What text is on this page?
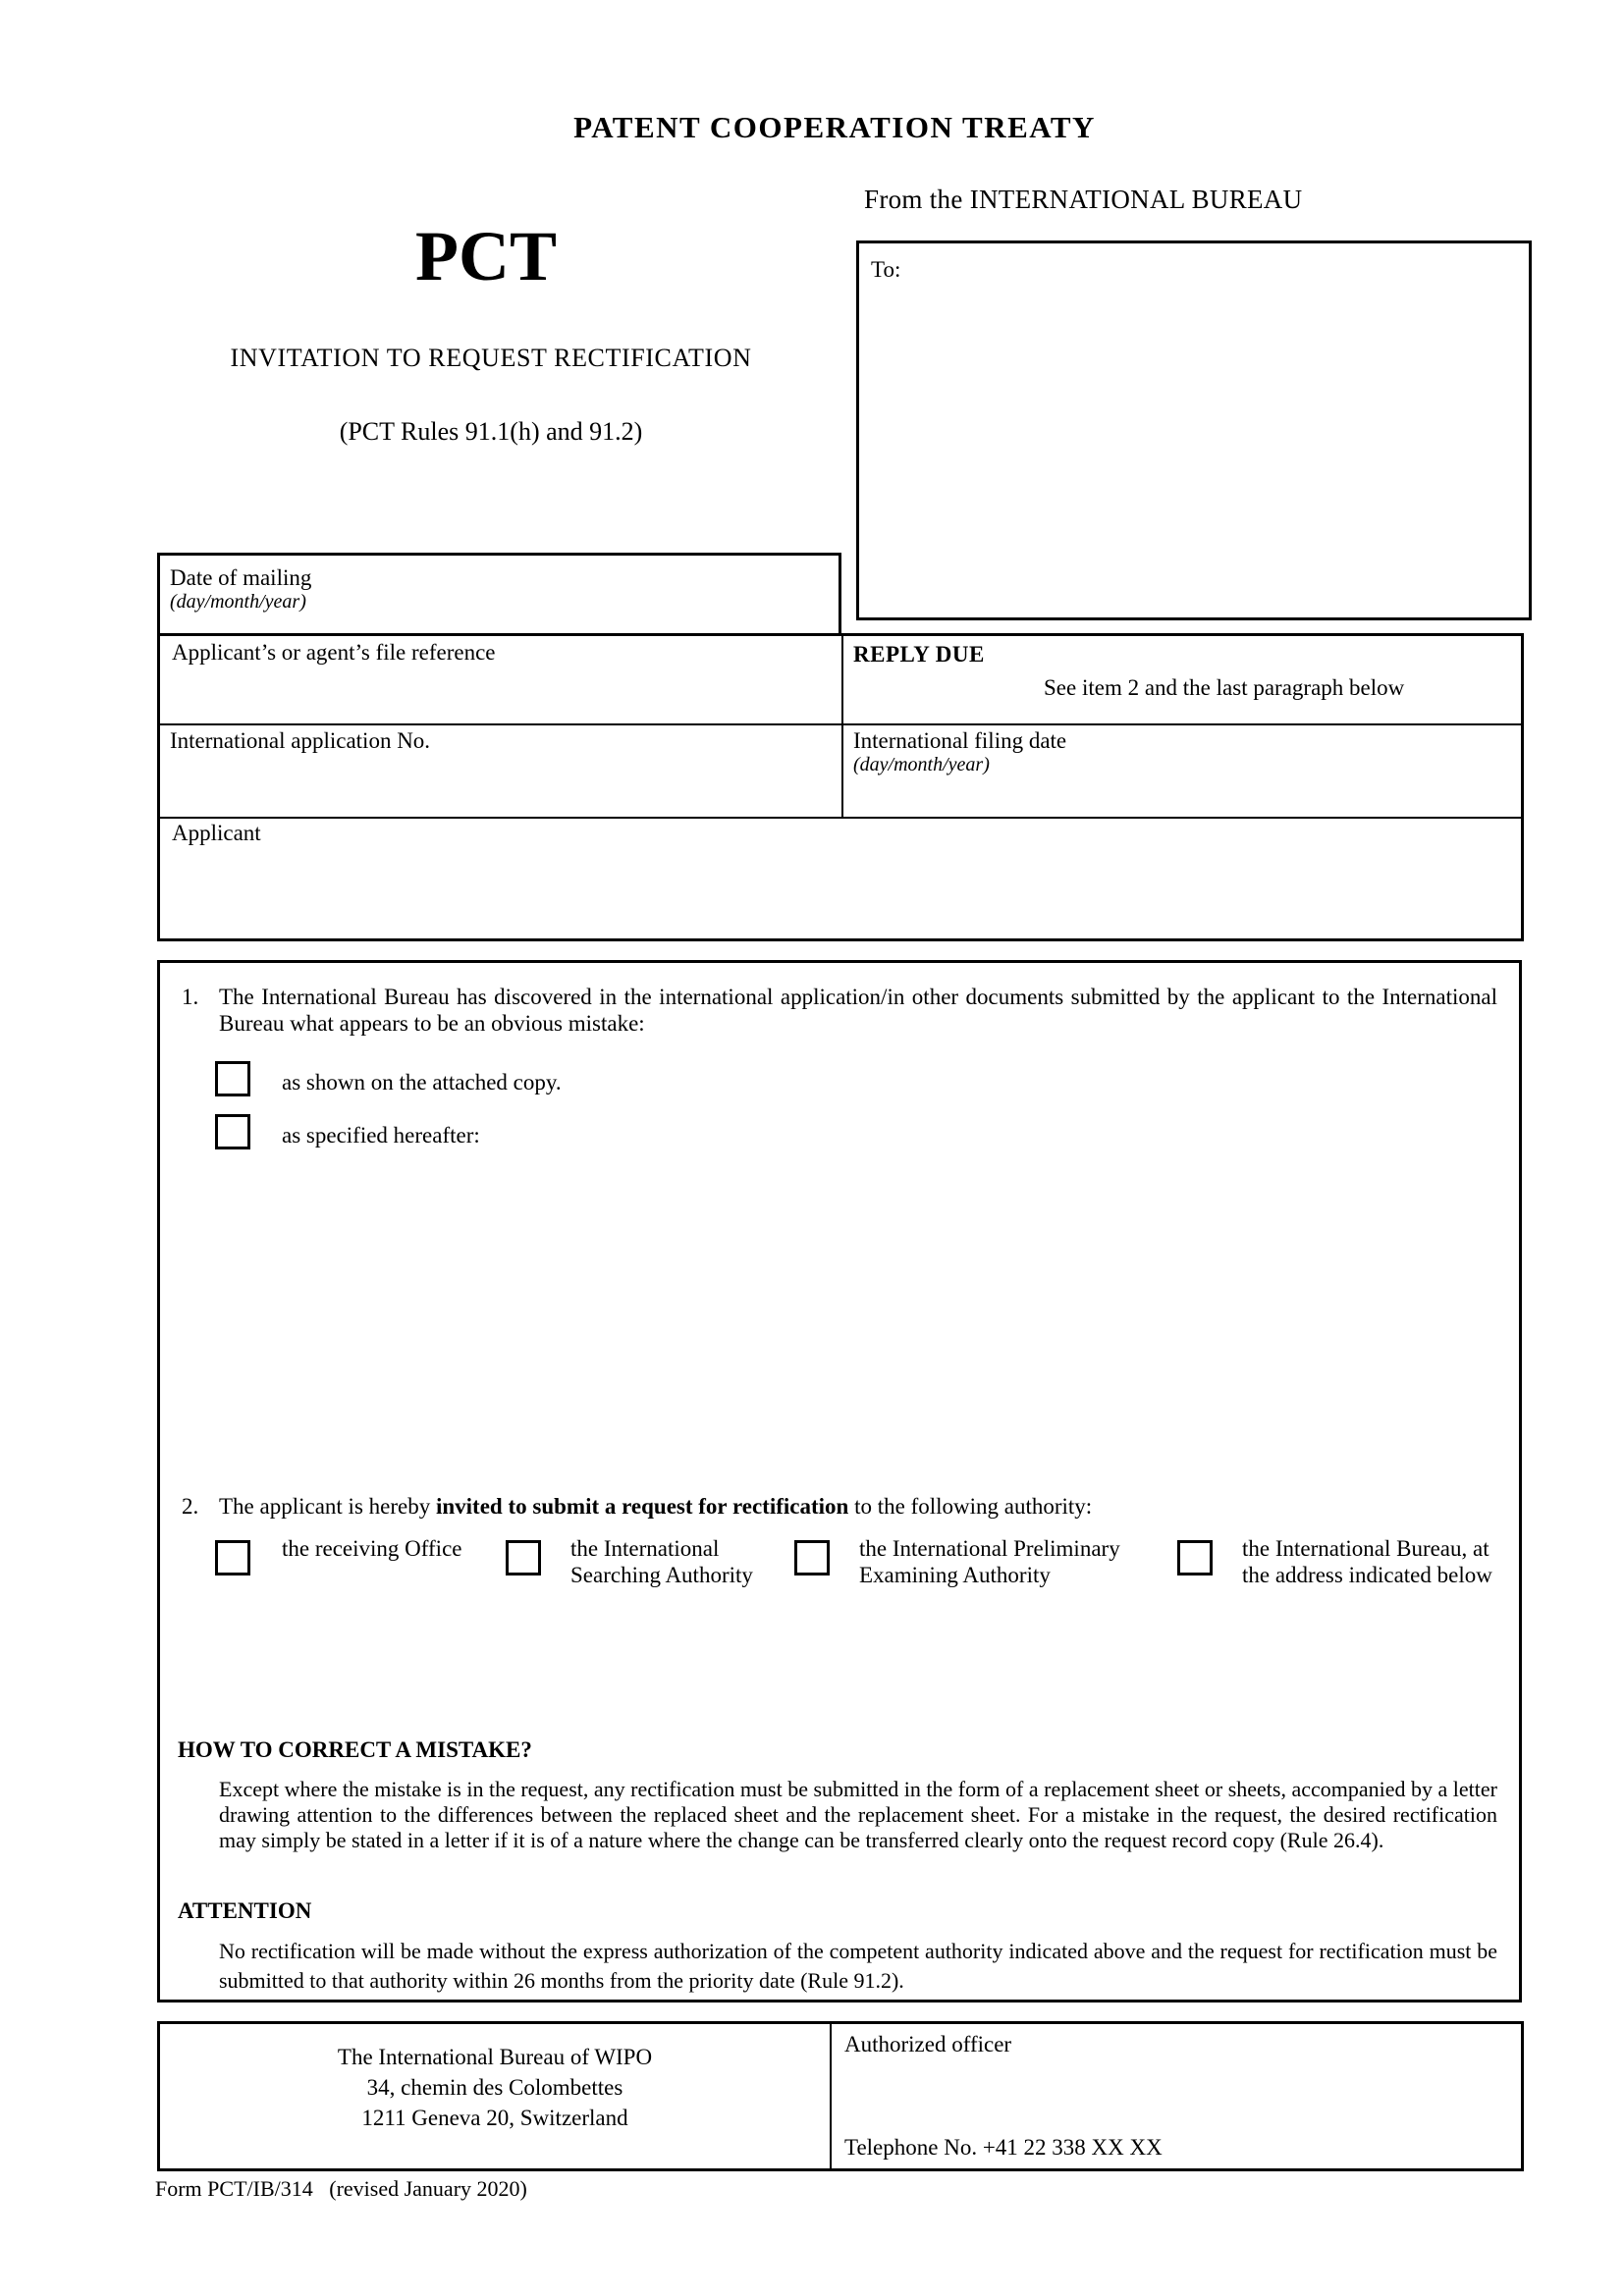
PATENT COOPERATION TREATY
From the INTERNATIONAL BUREAU
PCT
INVITATION TO REQUEST RECTIFICATION
(PCT Rules 91.1(h) and 91.2)
To:
Date of mailing
(day/month/year)
Applicant’s or agent’s file reference	REPLY DUE
See item 2 and the last paragraph below
International application No.	International filing date
(day/month/year)
Applicant
1. The International Bureau has discovered in the international application/in other documents submitted by the applicant to the International Bureau what appears to be an obvious mistake:
as shown on the attached copy.
as specified hereafter:
2. The applicant is hereby invited to submit a request for rectification to the following authority:
the receiving Office	the International Searching Authority
the International Preliminary Examining Authority
the International Bureau, at the address indicated below
HOW TO CORRECT A MISTAKE?
Except where the mistake is in the request, any rectification must be submitted in the form of a replacement sheet or sheets, accompanied by a letter drawing attention to the differences between the replaced sheet and the replacement sheet. For a mistake in the request, the desired rectification may simply be stated in a letter if it is of a nature where the change can be transferred clearly onto the request record copy (Rule 26.4).
ATTENTION
No rectification will be made without the express authorization of the competent authority indicated above and the request for rectification must be submitted to that authority within 26 months from the priority date (Rule 91.2).
The International Bureau of WIPO
34, chemin des Colombettes
1211 Geneva 20, Switzerland
Authorized officer
Telephone No. +41 22 338 XX XX
Form PCT/IB/314   (revised January 2020)
